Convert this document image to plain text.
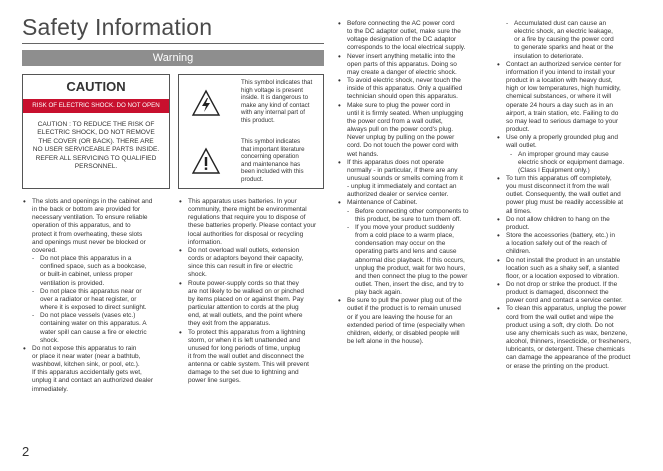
Safety Information
Warning
CAUTION
RISK OF ELECTRIC SHOCK. DO NOT OPEN
CAUTION : TO REDUCE THE RISK OF
ELECTRIC SHOCK, DO NOT REMOVE
THE COVER (OR BACK). THERE ARE
NO USER SERVICEABLE PARTS INSIDE.
REFER ALL SERVICING TO QUALIFIED
PERSONNEL.
This symbol indicates that
high voltage is present
inside. It is dangerous to
make any kind of contact
with any internal part of
this product.
This symbol indicates
that important literature
concerning operation
and maintenance has
been included with this
product.

• The slots and openings in the cabinet and
in the back or bottom are provided for
necessary ventilation. To ensure reliable
operation of this apparatus, and to
protect it from overheating, these slots
and openings must never be blocked or
covered.

- Do not place this apparatus in a
confined space, such as a bookcase,
or built-in cabinet, unless proper
ventilation is provided.

- Do not place this apparatus near or
over a radiator or heat register, or
where it is exposed to direct sunlight.

- Do not place vessels (vases etc.)
containing water on this apparatus. A
water spill can cause a fire or electric
shock.

• Do not expose this apparatus to rain
or place it near water (near a bathtub,
washbowl, kitchen sink, or pool, etc.).
If this apparatus accidentally gets wet,
unplug it and contact an authorized dealer
immediately.

• This apparatus uses batteries. In your
community, there might be environmental
regulations that require you to dispose of
these batteries properly. Please contact your
local authorities for disposal or recycling
information.

• Do not overload wall outlets, extension
cords or adaptors beyond their capacity,
since this can result in fire or electric
shock.

• Route power-supply cords so that they
are not likely to be walked on or pinched
by items placed on or against them. Pay
particular attention to cords at the plug
end, at wall outlets, and the point where
they exit from the apparatus.

• To protect this apparatus from a lightning
storm, or when it is left unattended and
unused for long periods of time, unplug
it from the wall outlet and disconnect the
antenna or cable system. This will prevent
damage to the set due to lightning and
power line surges.

• Before connecting the AC power cord
to the DC adaptor outlet, make sure the
voltage designation of the DC adaptor
corresponds to the local electrical supply.

• Never insert anything metallic into the
open parts of this apparatus. Doing so
may create a danger of electric shock.

• To avoid electric shock, never touch the
inside of this apparatus. Only a qualified
technician should open this apparatus.

• Make sure to plug the power cord in
until it is firmly seated. When unplugging
the power cord from a wall outlet,
always pull on the power cord's plug.
Never unplug by pulling on the power
cord. Do not touch the power cord with
wet hands.

• If this apparatus does not operate
normally - in particular, if there are any
unusual sounds or smells coming from it
- unplug it immediately and contact an
authorized dealer or service center.

• Maintenance of Cabinet.

- Before connecting other components to
this product, be sure to turn them off.

- If you move your product suddenly
from a cold place to a warm place,
condensation may occur on the
operating parts and lens and cause
abnormal disc playback. If this occurs,
unplug the product, wait for two hours,
and then connect the plug to the power
outlet. Then, insert the disc, and try to
play back again.

• Be sure to pull the power plug out of the
outlet if the product is to remain unused
or if you are leaving the house for an
extended period of time (especially when
children, elderly, or disabled people will
be left alone in the house).

- Accumulated dust can cause an
electric shock, an electric leakage,
or a fire by causing the power cord
to generate sparks and heat or the
insulation to deteriorate.

• Contact an authorized service center for
information if you intend to install your
product in a location with heavy dust,
high or low temperatures, high humidity,
chemical substances, or where it will
operate 24 hours a day such as in an
airport, a train station, etc. Failing to do
so may lead to serious damage to your
product.

• Use only a properly grounded plug and
wall outlet.

- An improper ground may cause
electric shock or equipment damage.
(Class l Equipment only.)

• To turn this apparatus off completely,
you must disconnect it from the wall
outlet. Consequently, the wall outlet and
power plug must be readily accessible at
all times.

• Do not allow children to hang on the
product.

• Store the accessories (battery, etc.) in
a location safely out of the reach of
children.

• Do not install the product in an unstable
location such as a shaky self, a slanted
floor, or a location exposed to vibration.

• Do not drop or strike the product. If the
product is damaged, disconnect the
power cord and contact a service center.

• To clean this apparatus, unplug the power
cord from the wall outlet and wipe the
product using a soft, dry cloth. Do not
use any chemicals such as wax, benzene,
alcohol, thinners, insecticide, or fresheners,
lubricants, or detergent. These chemicals
can damage the appearance of the product
or erase the printing on the product.

2
